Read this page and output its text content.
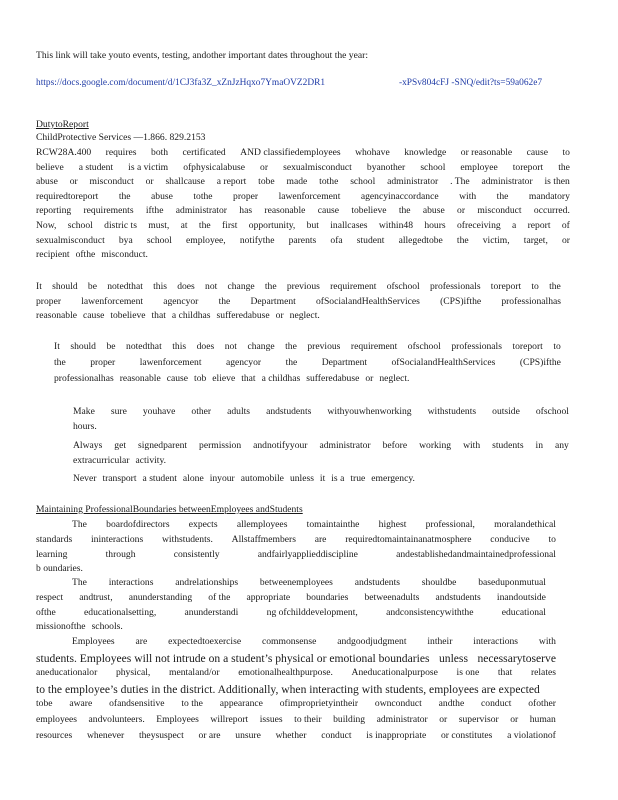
This link will take youto events, testing, andother important dates throughout the year:
https://docs.google.com/document/d/1CJ3fa3Z_xZnJzHqxo7YmaOVZ2DR1	-xPSv804cFJ -SNQ/edit?ts=59a062e7
DutytoReport
ChildProtective Services —1.866. 829.2153
RCW28A.400 requires both certificated AND classifiedemployees whohave knowledge or reasonable cause to
believe a student is a victim ofphysicalabuse or sexualmisconduct byanother school employee toreport the
abuse or misconduct or shallcause a report tobe made tothe school administrator . The administrator is then
requiredtoreport the abuse tothe proper lawenforcement agencyinaccordance with the mandatory
reporting requirements ifthe administrator has reasonable cause tobelieve the abuse or misconduct occurred.
Now, school distric ts must, at the first opportunity, but inallcases within48 hours ofreceiving a report of
sexualmisconduct bya school employee, notifythe parents ofa student allegedtobe the victim, target, or
recipient ofthe misconduct.
It should be notedthat this does not change the previous requirement ofschool professionals toreport to the
proper lawenforcement agencyor the Department ofSocialandHealthServices (CPS)ifthe professionalhas
reasonable cause tobelieve that a childhas sufferedabuse or neglect.
It should be notedthat this does not change the previous requirement ofschool professionals toreport to
the	proper	lawenforcement	agencyor	the	Department	ofSocialandHealthServices	(CPS)ifthe
professionalhas reasonable cause tob elieve that a childhas sufferedabuse or neglect.
Make sure youhave other adults andstudents withyouwhenworking withstudents outside ofschool
hours.
Always get signedparent permission andnotifyyour administrator before working with students in any
extracurricular activity.
Never transport a student alone inyour automobile unless it is a true emergency.
Maintaining ProfessionalBoundaries betweenEmployees andStudents
The boardofdirectors expects allemployees tomaintainthe highest professional, moralandethical
standards ininteractions withstudents. Allstaffmembers are requiredtomaintainanatmosphere conducive to
learning	through	consistently	andfairlyapplieddiscipline	andestablishedandmaintainedprofessional
b oundaries.
The interactions andrelationships betweenemployees andstudents shouldbe baseduponmutual
respect andtrust, anunderstanding of the appropriate boundaries betweenadults andstudents inandoutside
ofthe	educationalsetting,	anunderstandi	ng ofchilddevelopment,	andconsistencywiththe	educational
missionofthe schools.
Employees are expectedtoexercise commonsense andgoodjudgment intheir interactions with
students. Employees will not intrude on a student’s physical or emotional boundaries unless necessarytoserve
aneducationalor physical, mentaland/or emotionalhealthpurpose. Aneducationalpurpose is one that relates
to the employee’s duties in the district. Additionally, when interacting with students, employees are expected
tobe aware ofandsensitive to the appearance ofimproprietyintheir ownconduct andthe conduct ofother
employees andvolunteers. Employees willreport issues to their building administrator or supervisor or human
resources whenever theysuspect or are unsure whether conduct is inappropriate or constitutes a violationof
